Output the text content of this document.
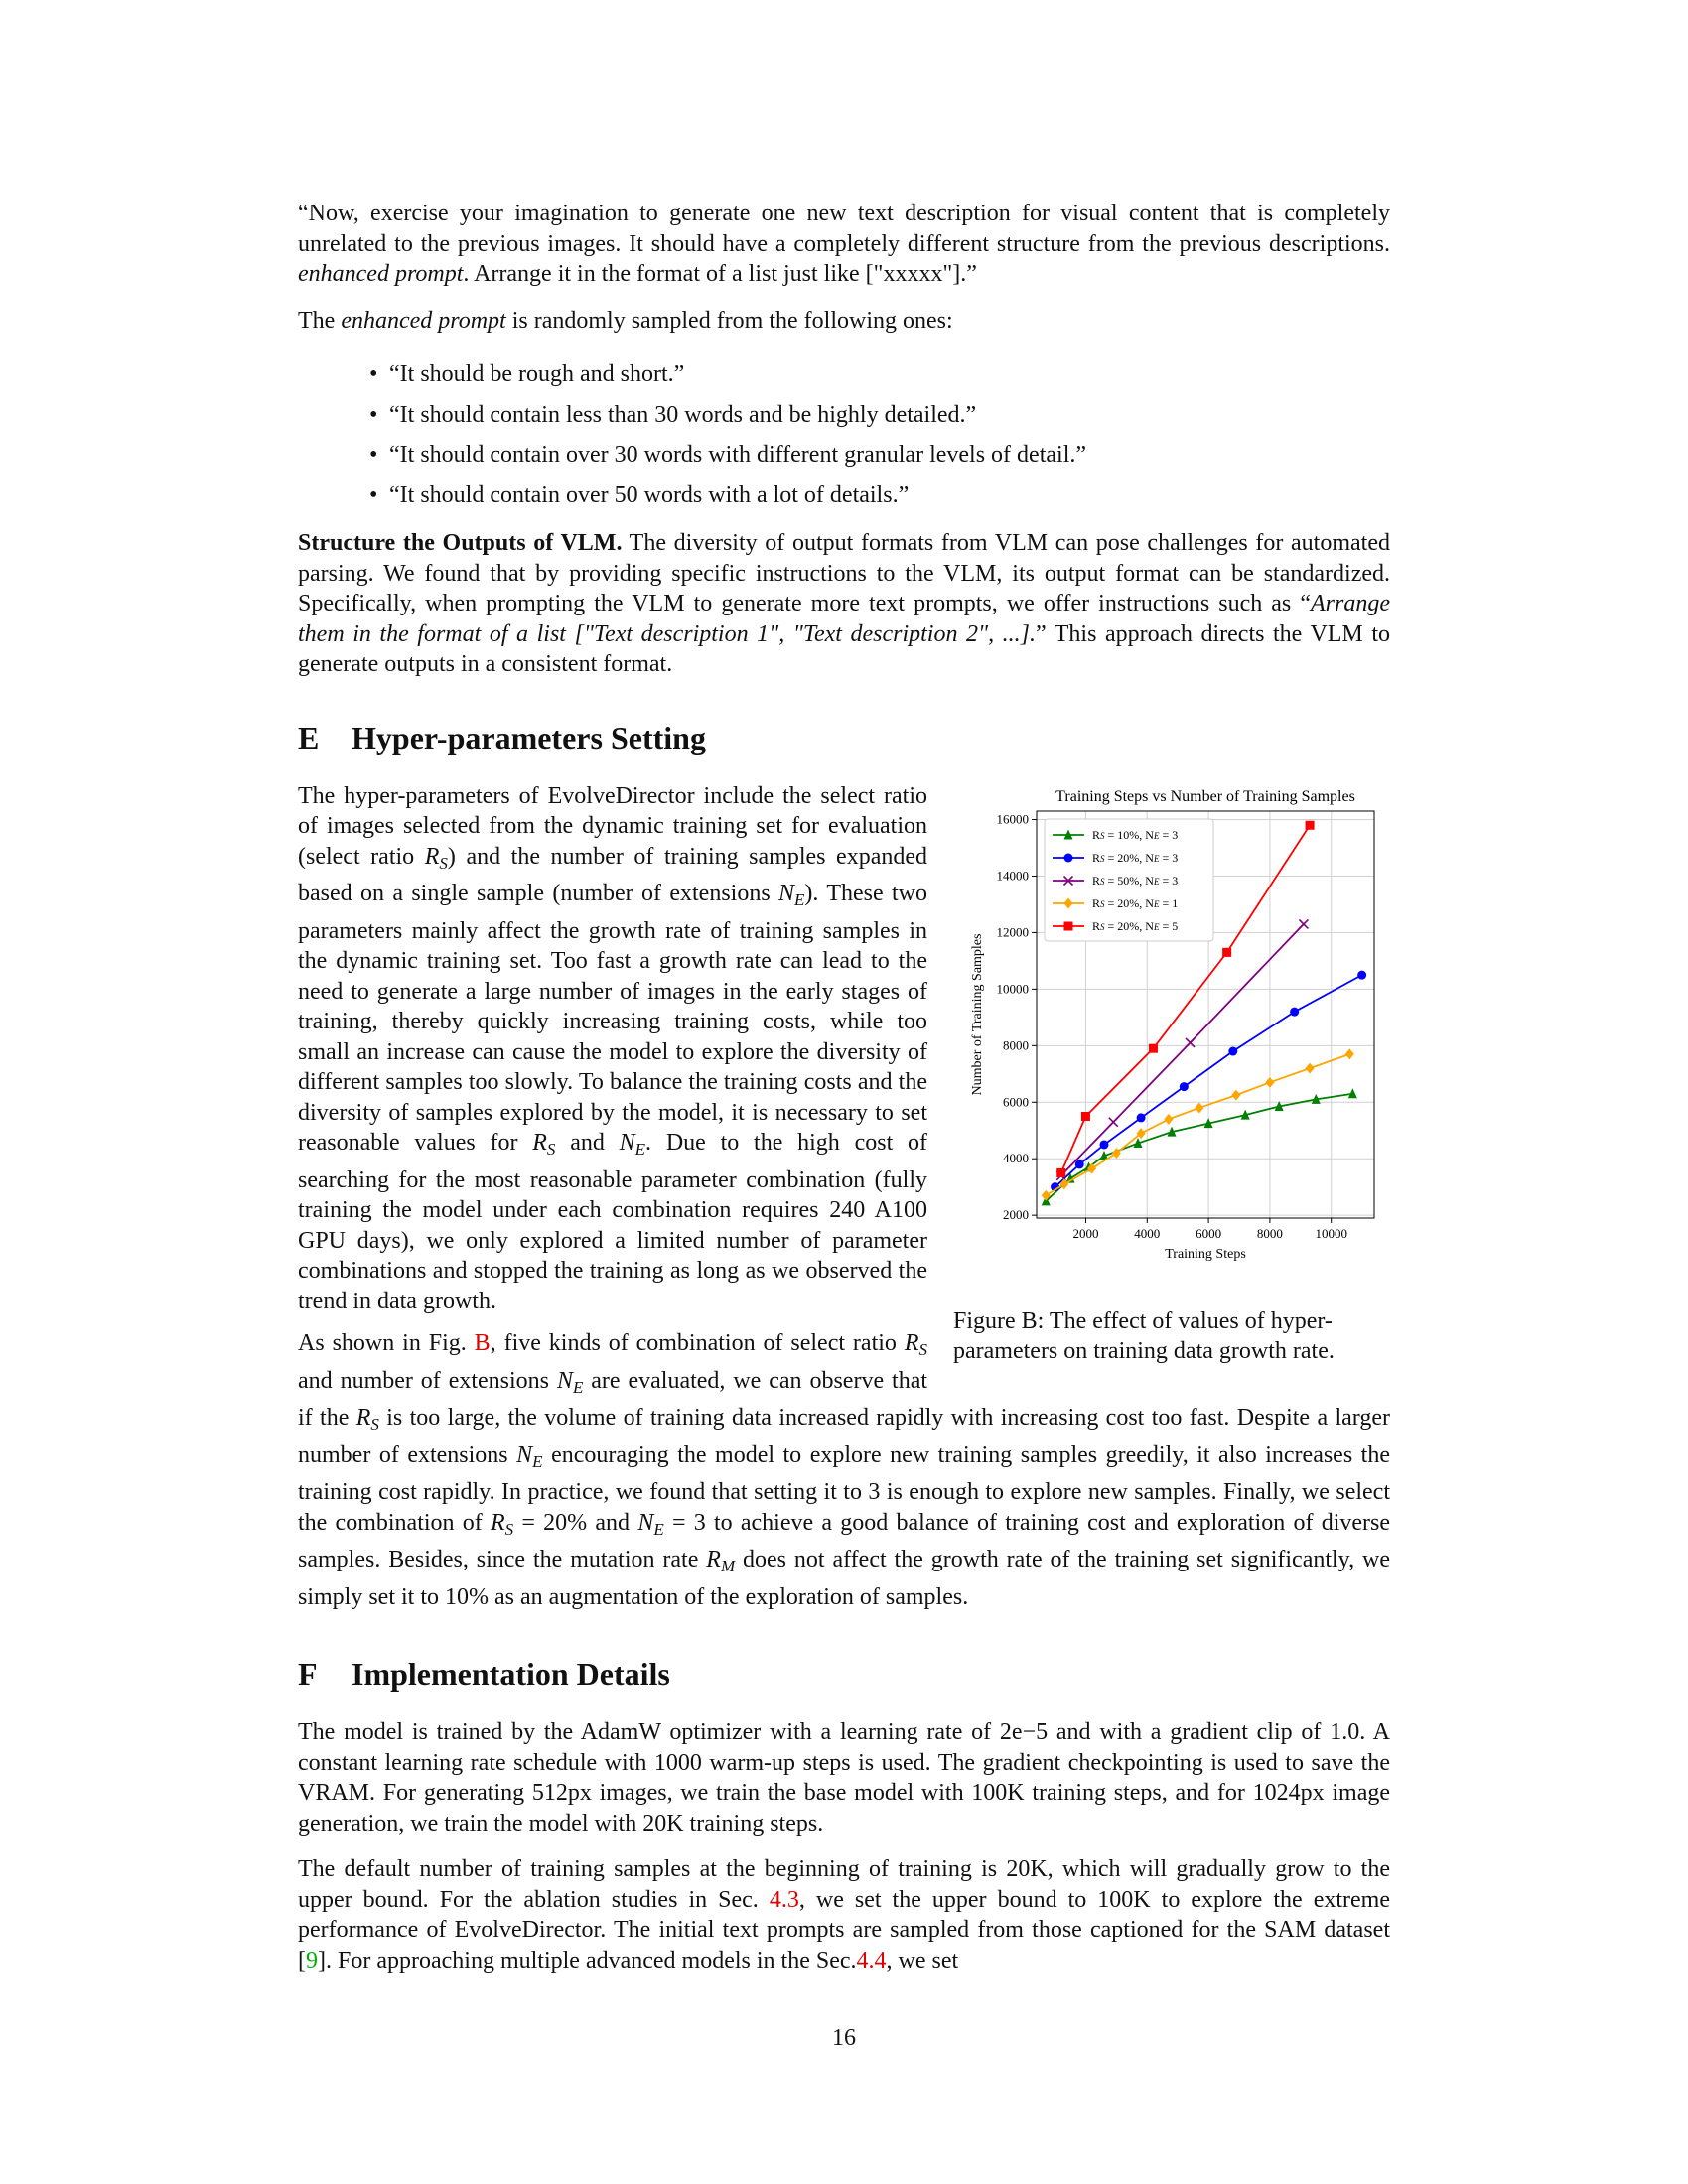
“Now, exercise your imagination to generate one new text description for visual content that is completely unrelated to the previous images. It should have a completely different structure from the previous descriptions. enhanced prompt. Arrange it in the format of a list just like ["xxxxx"].”

The enhanced prompt is randomly sampled from the following ones:

• “It should be rough and short.”
• “It should contain less than 30 words and be highly detailed.”
• “It should contain over 30 words with different granular levels of detail.”
• “It should contain over 50 words with a lot of details.”

Structure the Outputs of VLM. The diversity of output formats from VLM can pose challenges for automated parsing. We found that by providing specific instructions to the VLM, its output format can be standardized. Specifically, when prompting the VLM to generate more text prompts, we offer instructions such as “Arrange them in the format of a list ["Text description 1", "Text description 2", ...].” This approach directs the VLM to generate outputs in a consistent format.

E Hyper-parameters Setting
Training Steps vs Number of Training Samples
2000	4000	6000	8000	10000
2000
4000
6000
8000
10000
12000
14000
16000
Training Steps
Number of Training Samples
RS = 10%, NE = 3
RS = 20%, NE = 3
RS = 50%, NE = 3
RS = 20%, NE = 1
RS = 20%, NE = 5

Figure B: The effect of values of hyper-parameters on training data growth rate.

The hyper-parameters of EvolveDirector include the select ratio of images selected from the dynamic training set for evaluation (select ratio $R_S$) and the number of training samples expanded based on a single sample (number of extensions $N_E$). These two parameters mainly affect the growth rate of training samples in the dynamic training set. Too fast a growth rate can lead to the need to generate a large number of images in the early stages of training, thereby quickly increasing training costs, while too small an increase can cause the model to explore the diversity of different samples too slowly. To balance the training costs and the diversity of samples explored by the model, it is necessary to set reasonable values for $R_S$ and $N_E$. Due to the high cost of searching for the most reasonable parameter combination (fully training the model under each combination requires 240 A100 GPU days), we only explored a limited number of parameter combinations and stopped the training as long as we observed the trend in data growth.

As shown in Fig. B, five kinds of combination of select ratio $R_S$ and number of extensions $N_E$ are evaluated, we can observe that if the $R_S$ is too large, the volume of training data increased rapidly with increasing cost too fast. Despite a larger number of extensions $N_E$ encouraging the model to explore new training samples greedily, it also increases the training cost rapidly. In practice, we found that setting it to 3 is enough to explore new samples. Finally, we select the combination of $R_S = 20\%$ and $N_E = 3$ to achieve a good balance of training cost and exploration of diverse samples. Besides, since the mutation rate $R_M$ does not affect the growth rate of the training set significantly, we simply set it to 10% as an augmentation of the exploration of samples.

F Implementation Details

The model is trained by the AdamW optimizer with a learning rate of 2e−5 and with a gradient clip of 1.0. A constant learning rate schedule with 1000 warm-up steps is used. The gradient checkpointing is used to save the VRAM. For generating 512px images, we train the base model with 100K training steps, and for 1024px image generation, we train the model with 20K training steps.

The default number of training samples at the beginning of training is 20K, which will gradually grow to the upper bound. For the ablation studies in Sec. 4.3, we set the upper bound to 100K to explore the extreme performance of EvolveDirector. The initial text prompts are sampled from those captioned for the SAM dataset [9]. For approaching multiple advanced models in the Sec.4.4, we set

16
